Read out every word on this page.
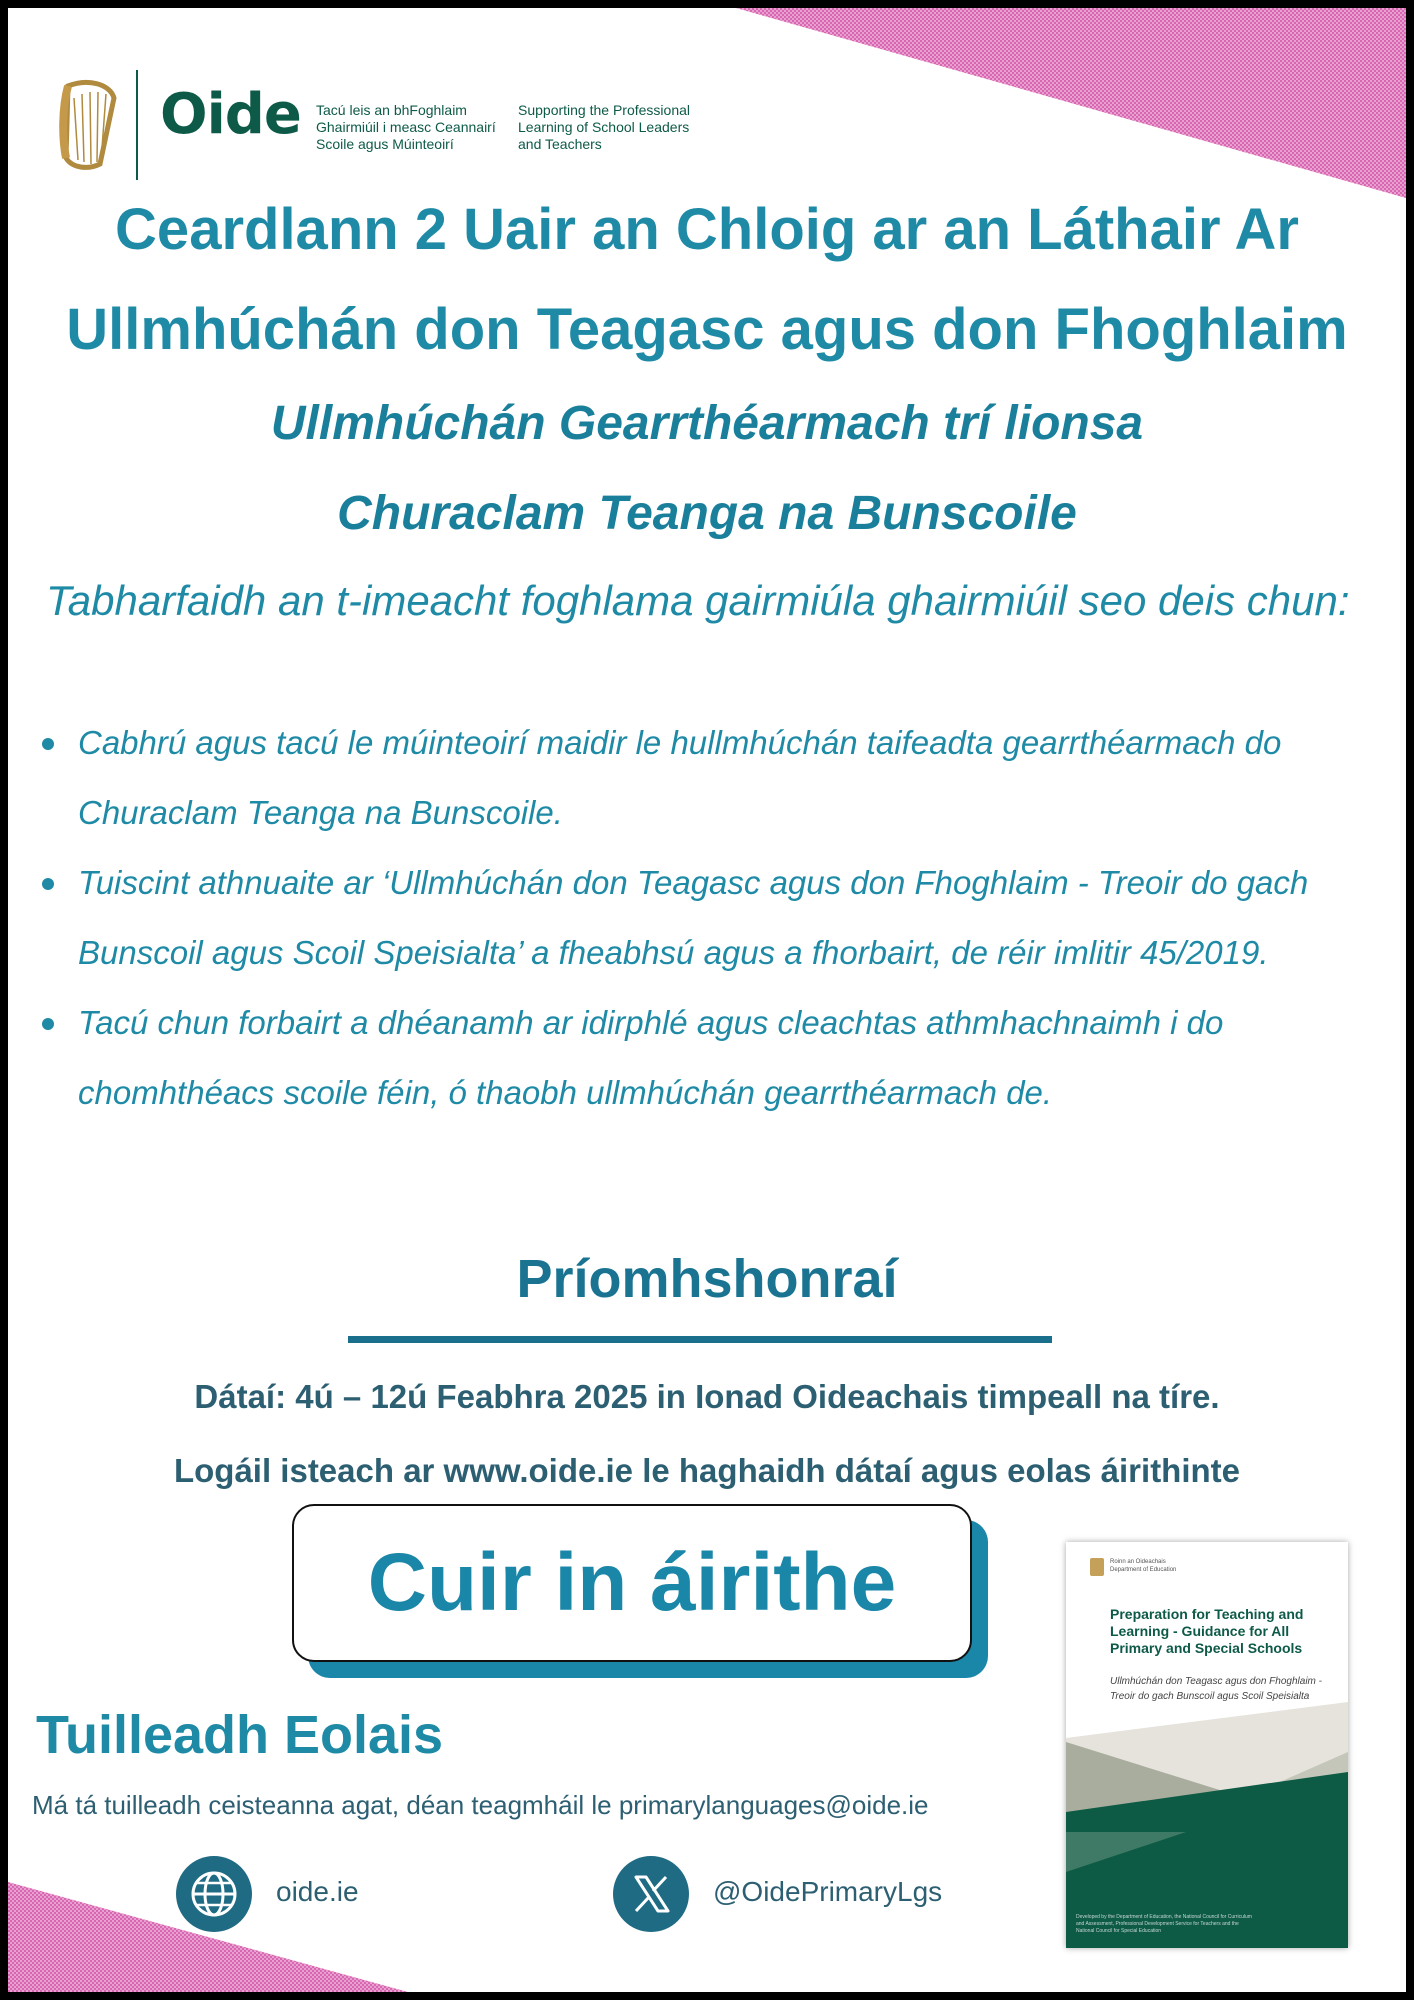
Oide Tacú leis an bhFoghlaim
Ghairmiúil i measc Ceannairí
Scoile agus Múinteoirí
Supporting the Professional
Learning of School Leaders
and Teachers
Ceardlann 2 Uair an Chloig ar an Láthair Ar
Ullmhúchán don Teagasc agus don Fhoghlaim
Ullmhúchán Gearrthéarmach trí lionsa
Churaclam Teanga na Bunscoile
Tabharfaidh an t-imeacht foghlama gairmiúla ghairmiúil seo deis chun:
Cabhrú agus tacú le múinteoirí maidir le hullmhúchán taifeadta gearrthéarmach do Churaclam Teanga na Bunscoile.
Tuiscint athnuaite ar ‘Ullmhúchán don Teagasc agus don Fhoghlaim - Treoir do gach Bunscoil agus Scoil Speisialta’ a fheabhsú agus a fhorbairt, de réir imlitir 45/2019.
Tacú chun forbairt a dhéanamh ar idirphlé agus cleachtas athmhachnaimh i do chomhthéacs scoile féin, ó thaobh ullmhúchán gearrthéarmach de.
Príomhshonraí
Dátaí: 4ú – 12ú Feabhra 2025 in Ionad Oideachais timpeall na tíre.
Logáil isteach ar www.oide.ie le haghaidh dátaí agus eolas áirithinte
Cuir in áirithe
Tuilleadh Eolais
Má tá tuilleadh ceisteanna agat, déan teagmháil le primarylanguages@oide.ie
oide.ie	@OidePrimaryLgs
Roinn an Oideachais
Department of Education
Preparation for Teaching and Learning - Guidance for All Primary and Special Schools
Ullmhúchán don Teagasc agus don Fhoghlaim - Treoir do gach Bunscoil agus Scoil Speisialta
Developed by the Department of Education, the National Council for Curriculum and Assessment, Professional Development Service for Teachers and the National Council for Special Education
